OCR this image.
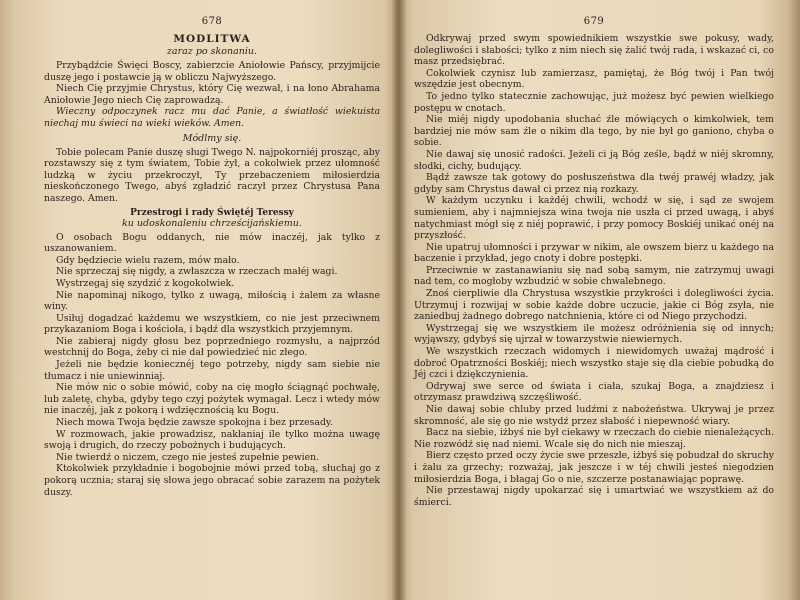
678
MODLITWA
zaraz po skonaniu.

Przybądźcie Święci Boscy, zabierzcie Aniołowie Pańscy, przyjmijcie duszę jego i postawcie ją w obliczu Najwyższego.

Niech Cię przyjmie Chrystus, który Cię wezwał, i na łono Abrahama Aniołowie Jego niech Cię zaprowadzą.

Wieczny odpoczynek racz mu dać Panie, a światłość wiekuista niechaj mu świeci na wieki wieków. Amen.

Módlmy się.

Tobie polecam Panie duszę sługi Twego N. najpokorniéj prosząc, aby rozstawszy się z tym światem, Tobie żył, a cokolwiek przez ułomność ludzką w życiu przekroczył, Ty przebaczeniem miłosierdzia nieskończonego Twego, abyś zgładzić raczył przez Chrystusa Pana naszego. Amen.

Przestrogi i rady Świętéj Teressy
ku udoskonaleniu chrześcijańskiemu.

O osobach Bogu oddanych, nie mów inaczéj, jak tylko z uszanowaniem.

Gdy będziecie wielu razem, mów mało.

Nie sprzeczaj się nigdy, a zwłaszcza w rzeczach małéj wagi.

Wystrzegaj się szydzić z kogokolwiek.

Nie napominaj nikogo, tylko z uwagą, miłością i żalem za własne winy.

Usiłuj dogadzać każdemu we wszystkiem, co nie jest przeciwnem przykazaniom Boga i kościoła, i bądź dla wszystkich przyjemnym.

Nie zabieraj nigdy głosu bez poprzedniego rozmysłu, a najprzód westchnij do Boga, żeby ci nie dał powiedzieć nic złego.

Jeżeli nie będzie koniecznéj tego potrzeby, nigdy sam siebie nie tłumacz i nie uniewinniaj.

Nie mów nic o sobie mówić, coby na cię mogło ściągnąć pochwałę, lub zaletę, chyba, gdyby tego czyj pożytek wymagał. Lecz i wtedy mów nie inaczéj, jak z pokorą i wdzięcznością ku Bogu.

Niech mowa Twoja będzie zawsze spokojna i bez przesady.

W rozmowach, jakie prowadzisz, nakłaniaj ile tylko można uwagę swoją i drugich, do rzeczy pobożnych i budujących.

Nie twierdź o niczem, czego nie jesteś zupełnie pewien.

Ktokolwiek przykładnie i bogobojnie mówi przed tobą, słuchaj go z pokorą uczniа; staraj się słowa jego obracać sobie zarazem na pożytek duszy.

679

Odkrywaj przed swym spowiednikiem wszystkie swe pokusy, wady, dolegliwości i słabości; tylko z nim niech się żalić twój rada, i wskazać ci, co masz przedsiębrać.

Cokolwiek czynisz lub zamierzasz, pamiętaj, że Bóg twój i Pan twój wszędzie jest obecnym.

To jedno tylko statecznie zachowując, już możesz być pewien wielkiego postępu w cnotach.

Nie miéj nigdy upodobania słuchać źle mówiących o kimkolwiek, tem bardziej nie mów sam źle o nikim dla tego, by nie był go ganiono, chyba o sobie.

Nie dawaj się unosić radości. Jeżeli ci ją Bóg ześle, bądź w niéj skromny, słodki, cichy, budujący.

Bądź zawsze tak gotowy do posłuszeństwa dla twéj prawéj władzy, jak gdyby sam Chrystus dawał ci przez nią rozkazy.

W każdym uczynku i każdéj chwili, wchodź w się, i sąd ze swojem sumieniem, aby i najmniejsza wina twoja nie uszła ci przed uwagą, i abyś natychmiast mógł się z niéj poprawić, i przy pomocy Boskiéj unikać onéj na przyszłość.

Nie upatruj ułomności i przywar w nikim, ale owszem bierz u każdego na baczenie i przykład, jego cnoty i dobre postępki.

Przeciwnie w zastanawianiu się nad sobą samym, nie zatrzymuj uwagi nad tem, co mogłoby wzbudzić w sobie chwalebnego.

Znoś cierpliwie dla Chrystusa wszystkie przykrości i dolegliwości życia. Utrzymuj i rozwijaj w sobie każde dobre uczucie, jakie ci Bóg zsyła, nie zaniedbuj żadnego dobrego natchnienia, które ci od Niego przychodzi.

Wystrzegaj się we wszystkiem ile możesz odróżnienia się od innych; wyjąwszy, gdybyś się ujrzał w towarzystwie niewiernych.

We wszystkich rzeczach widomych i niewidomych uważaj mądrość i dobroć Opatrzności Boskiéj; niech wszystko staje się dla ciebie pobudką do Jéj czci i dziękczynienia.

Odrywaj swe serce od świata i ciała, szukaj Boga, a znajdziesz i otrzymasz prawdziwą szczęśliwość.

Nie dawaj sobie chluby przed ludźmi z nabożeństwa. Ukrywaj je przez skromność, ale się go nie wstydź przez słabość i niepewność wiary.

Bacz na siebie, iżbyś nie był ciekawy w rzeczach do ciebie nienależących. Nie rozwódź się nad niemi. Wcale się do nich nie mieszaj.

Bierz często przed oczy życie swe przeszłe, iżbyś się pobudzał do skruchy i żalu za grzechy; rozważaj, jak jeszcze i w téj chwili jesteś niegodzien miłosierdzia Boga, i błagaj Go o nie, szczerze postanawiając poprawę.

Nie przestawaj nigdy upokarzać się i umartwiać we wszystkiem aż do śmierci.
